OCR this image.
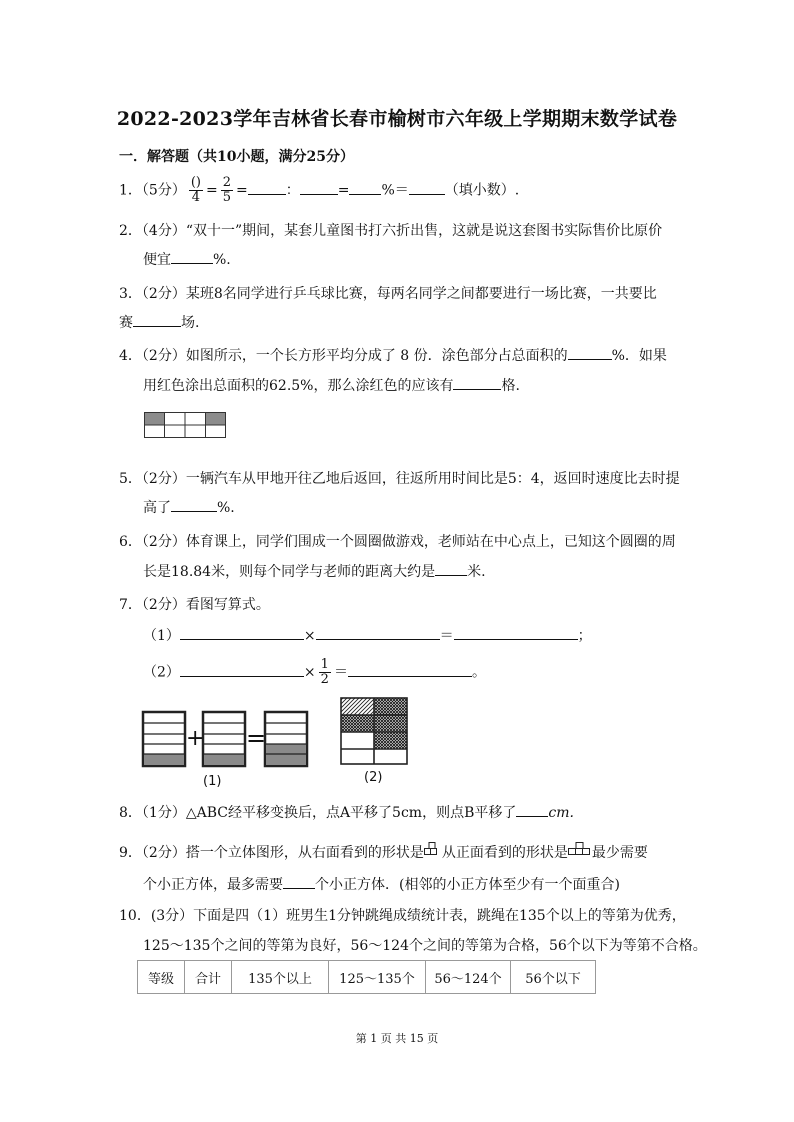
2022-2023学年吉林省长春市榆树市六年级上学期期末数学试卷
一．解答题（共10小题，满分25分）
1．（5分） $\frac{()}{4} = \frac{2}{5}$ =	：	= %＝	（填小数）.
2．（4分）“双十一”期间，某套儿童图书打六折出售，这就是说这套图书实际售价比原价
便宜	%.
3．（2分）某班8名同学进行乒乓球比赛，每两名同学之间都要进行一场比赛，一共要比
赛	场.
4．（2分）如图所示，一个长方形平均分成了 8 份．涂色部分占总面积的	%．如果
用红色涂出总面积的62.5%，那么涂红色的应该有	格.
5．（2分）一辆汽车从甲地开往乙地后返回，往返所用时间比是5：4，返回时速度比去时提
高了	%.
6．（2分）体育课上，同学们围成一个圆圈做游戏，老师站在中心点上，已知这个圆圈的周
长是18.84米，则每个同学与老师的距离大约是 米.
7．（2分）看图写算式。
（1）	×	＝	；
（2）	× $\frac{1}{2}$ ＝	。
+ =
(1)	(2)
8．（1分）△ABC经平移变换后，点A平移了5cm，则点B平移了 cm.
9．（2分）搭一个立体图形，从右面看到的形状是 从正面看到的形状是 最少需要
个小正方体，最多需要 个小正方体．(相邻的小正方体至少有一个面重合)
10．(3分）下面是四（1）班男生1分钟跳绳成绩统计表，跳绳在135个以上的等第为优秀，
125～135个之间的等第为良好，56～124个之间的等第为合格，56个以下为等第不合格。
等级	合计	135个以上	125～135个	56～124个	56个以下
第 1 页 共 15 页
